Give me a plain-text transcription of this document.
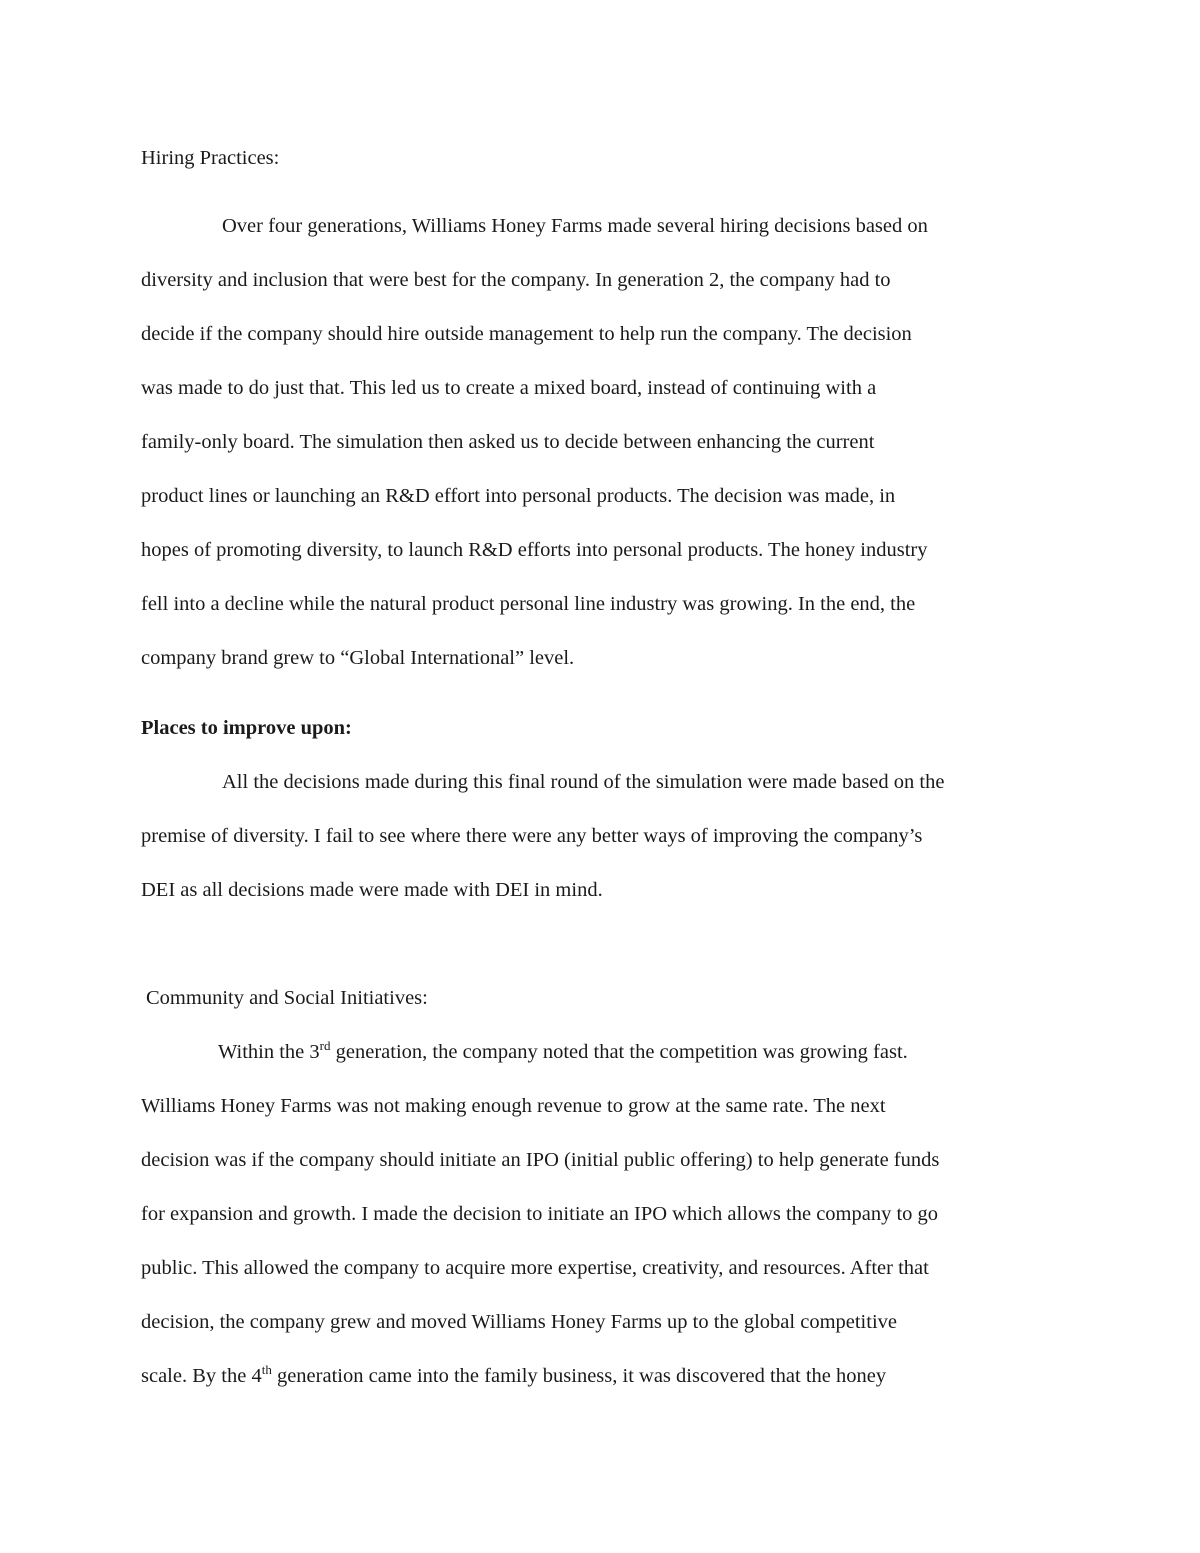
Hiring Practices:
Over four generations, Williams Honey Farms made several hiring decisions based on
diversity and inclusion that were best for the company. In generation 2, the company had to
decide if the company should hire outside management to help run the company. The decision
was made to do just that. This led us to create a mixed board, instead of continuing with a
family-only board. The simulation then asked us to decide between enhancing the current
product lines or launching an R&D effort into personal products. The decision was made, in
hopes of promoting diversity, to launch R&D efforts into personal products. The honey industry
fell into a decline while the natural product personal line industry was growing. In the end, the
company brand grew to “Global International” level.
Places to improve upon:
All the decisions made during this final round of the simulation were made based on the
premise of diversity. I fail to see where there were any better ways of improving the company’s
DEI as all decisions made were made with DEI in mind.
Community and Social Initiatives:
Within the 3rd generation, the company noted that the competition was growing fast.
Williams Honey Farms was not making enough revenue to grow at the same rate. The next
decision was if the company should initiate an IPO (initial public offering) to help generate funds
for expansion and growth. I made the decision to initiate an IPO which allows the company to go
public. This allowed the company to acquire more expertise, creativity, and resources. After that
decision, the company grew and moved Williams Honey Farms up to the global competitive
scale. By the 4th generation came into the family business, it was discovered that the honey
